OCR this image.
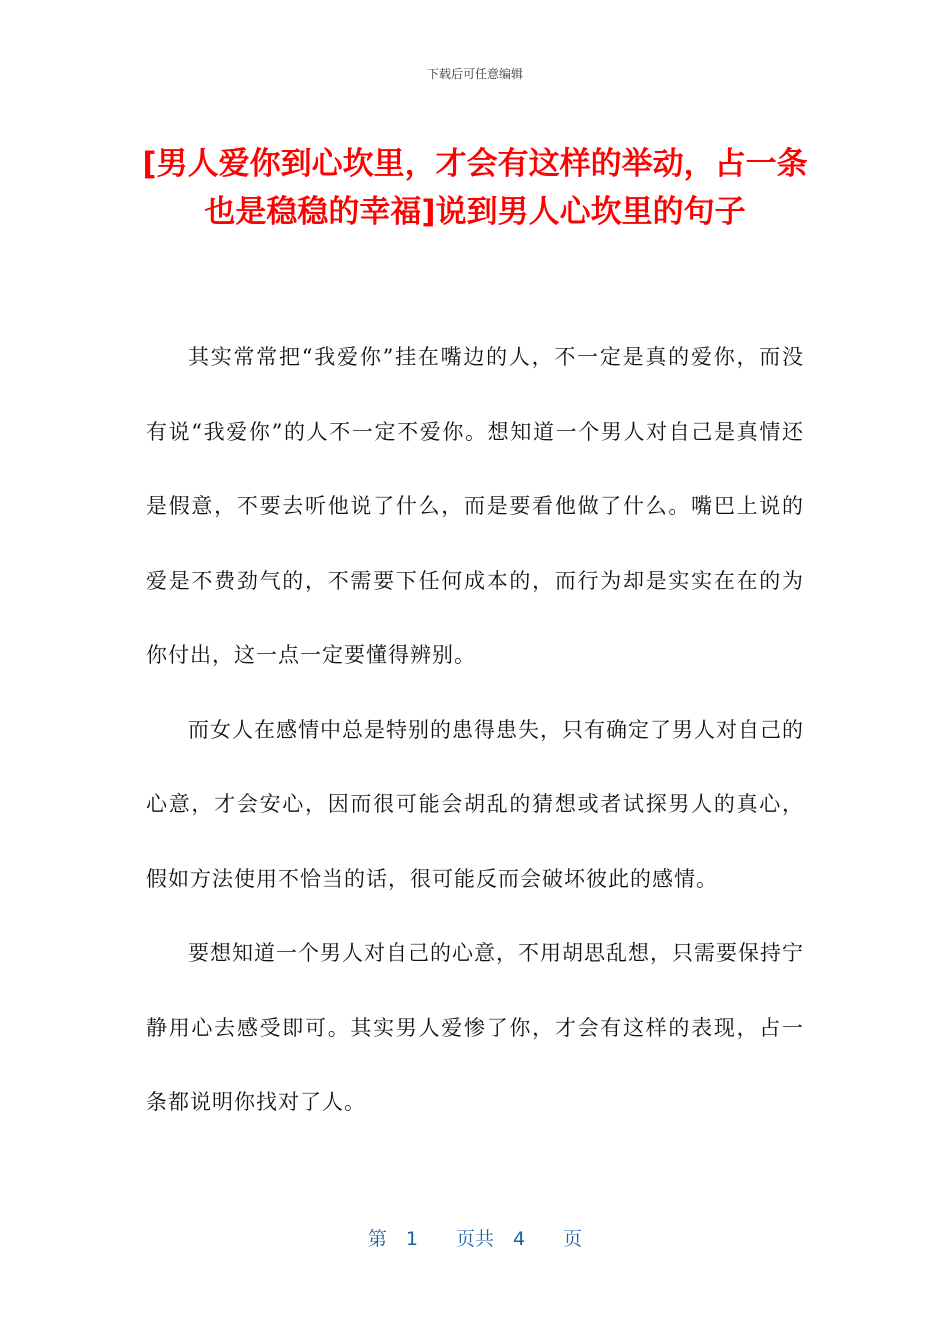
下载后可任意编辑
[男人爱你到心坎里，才会有这样的举动，占一条也是稳稳的幸福]说到男人心坎里的句子

其实常常把“我爱你”挂在嘴边的人，不一定是真的爱你，而没有说“我爱你”的人不一定不爱你。想知道一个男人对自己是真情还是假意，不要去听他说了什么，而是要看他做了什么。嘴巴上说的爱是不费劲气的，不需要下任何成本的，而行为却是实实在在的为你付出，这一点一定要懂得辨别。

而女人在感情中总是特别的患得患失，只有确定了男人对自己的心意，才会安心，因而很可能会胡乱的猜想或者试探男人的真心，假如方法使用不恰当的话，很可能反而会破坏彼此的感情。

要想知道一个男人对自己的心意，不用胡思乱想，只需要保持宁静用心去感受即可。其实男人爱惨了你，才会有这样的表现，占一条都说明你找对了人。

第　1　　页共　4　　页
